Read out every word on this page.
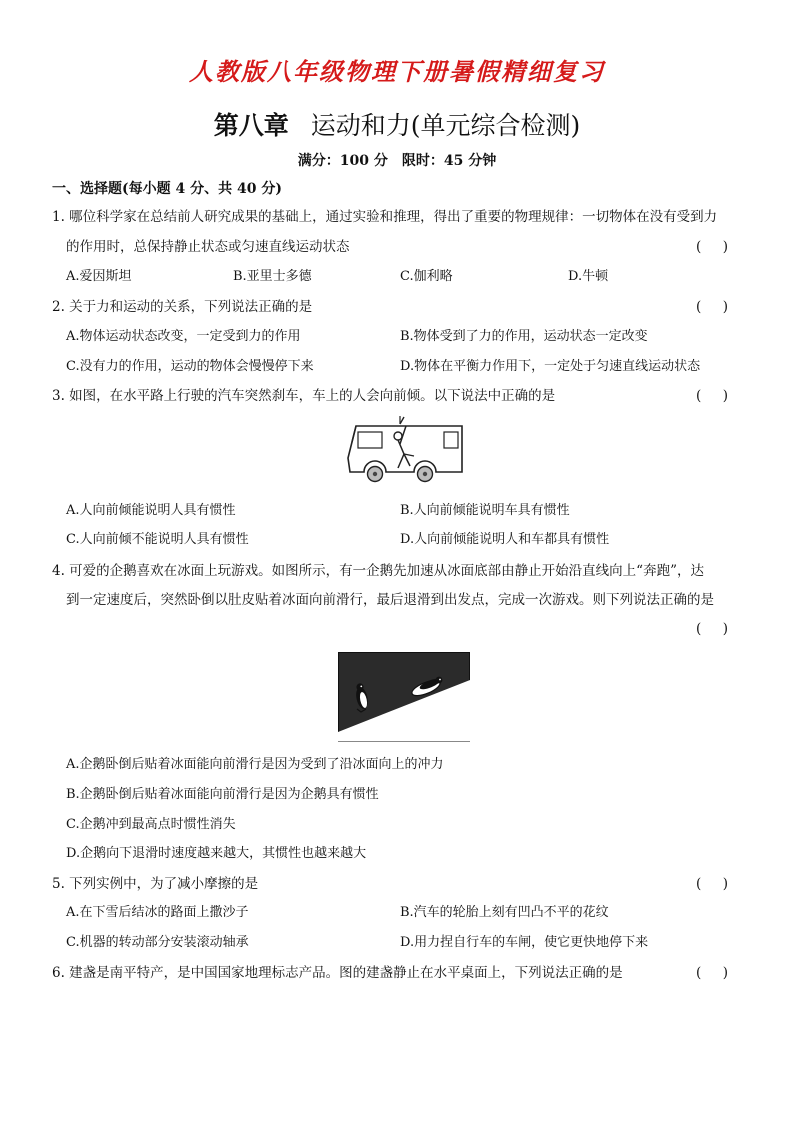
人教版八年级物理下册暑假精细复习
第八章 运动和力(单元综合检测)
满分：100 分 限时：45 分钟
一、选择题(每小题 4 分、共 40 分)
1. 哪位科学家在总结前人研究成果的基础上，通过实验和推理，得出了重要的物理规律：一切物体在没有受到力
的作用时，总保持静止状态或匀速直线运动状态	(     )
A.爱因斯坦	B.亚里士多德	C.伽利略	D.牛顿
2. 关于力和运动的关系，下列说法正确的是	(     )
A.物体运动状态改变，一定受到力的作用	B.物体受到了力的作用，运动状态一定改变
C.没有力的作用，运动的物体会慢慢停下来	D.物体在平衡力作用下，一定处于匀速直线运动状态
3. 如图，在水平路上行驶的汽车突然刹车，车上的人会向前倾。以下说法中正确的是	(     )
A.人向前倾能说明人具有惯性	B.人向前倾能说明车具有惯性
C.人向前倾不能说明人具有惯性	D.人向前倾能说明人和车都具有惯性
4. 可爱的企鹅喜欢在冰面上玩游戏。如图所示，有一企鹅先加速从冰面底部由静止开始沿直线向上“奔跑”，达
到一定速度后，突然卧倒以肚皮贴着冰面向前滑行，最后退滑到出发点，完成一次游戏。则下列说法正确的是
(     )
A.企鹅卧倒后贴着冰面能向前滑行是因为受到了沿冰面向上的冲力
B.企鹅卧倒后贴着冰面能向前滑行是因为企鹅具有惯性
C.企鹅冲到最高点时惯性消失
D.企鹅向下退滑时速度越来越大，其惯性也越来越大
5. 下列实例中，为了减小摩擦的是	(     )
A.在下雪后结冰的路面上撒沙子	B.汽车的轮胎上刻有凹凸不平的花纹
C.机器的转动部分安装滚动轴承	D.用力捏自行车的车闸，使它更快地停下来
6. 建盏是南平特产，是中国国家地理标志产品。图的建盏静止在水平桌面上，下列说法正确的是	(     )
